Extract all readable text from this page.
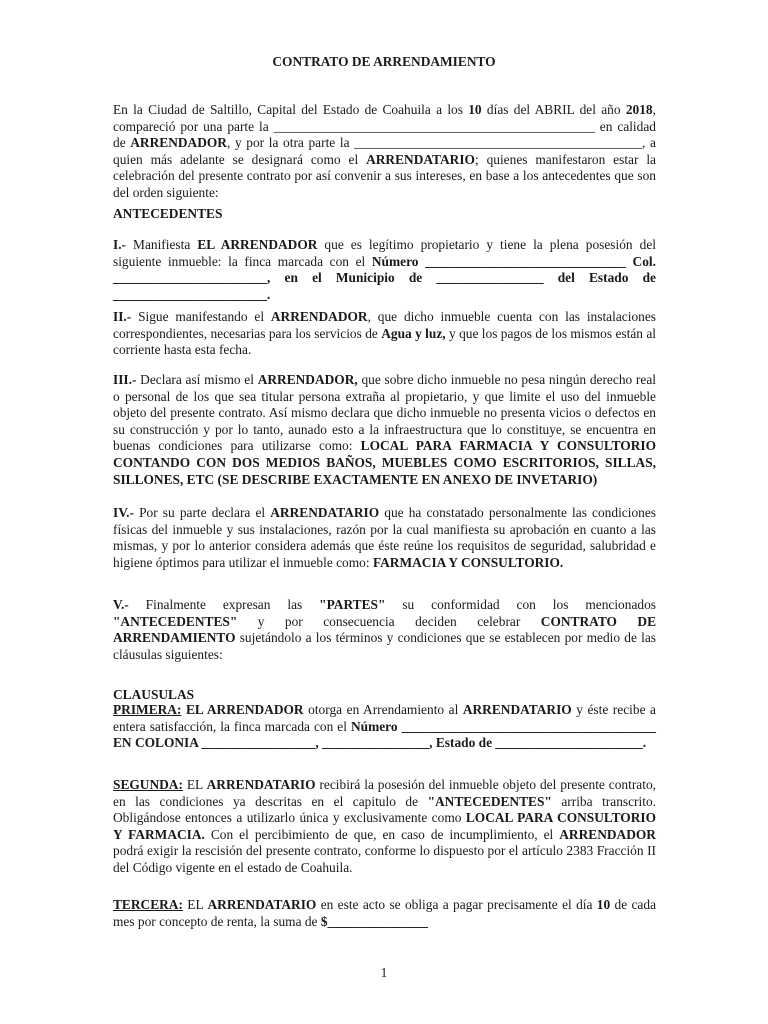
CONTRATO DE ARRENDAMIENTO

En la Ciudad de Saltillo, Capital del Estado de Coahuila a los 10 días del ABRIL del año 2018, compareció por una parte la ________________________________________________ en calidad de ARRENDADOR, y por la otra parte la ___________________________________________, a quien más adelante se designará como el ARRENDATARIO; quienes manifestaron estar la celebración del presente contrato por así convenir a sus intereses, en base a los antecedentes que son del orden siguiente:

ANTECEDENTES

I.- Manifiesta EL ARRENDADOR que es legítimo propietario y tiene la plena posesión del siguiente inmueble: la finca marcada con el Número ______________________________ Col. _______________________, en el Municipio de ________________ del Estado de _______________________.

II.- Sigue manifestando el ARRENDADOR, que dicho inmueble cuenta con las instalaciones correspondientes, necesarias para los servicios de Agua y luz, y que los pagos de los mismos están al corriente hasta esta fecha.

III.- Declara así mismo el ARRENDADOR, que sobre dicho inmueble no pesa ningún derecho real o personal de los que sea titular persona extraña al propietario, y que limite el uso del inmueble objeto del presente contrato. Así mismo declara que dicho inmueble no presenta vicios o defectos en su construcción y por lo tanto, aunado esto a la infraestructura que lo constituye, se encuentra en buenas condiciones para utilizarse como: LOCAL PARA FARMACIA Y CONSULTORIO CONTANDO CON DOS MEDIOS BAÑOS, MUEBLES COMO ESCRITORIOS, SILLAS, SILLONES, ETC (SE DESCRIBE EXACTAMENTE EN ANEXO DE INVETARIO)

IV.- Por su parte declara el ARRENDATARIO que ha constatado personalmente las condiciones físicas del inmueble y sus instalaciones, razón por la cual manifiesta su aprobación en cuanto a las mismas, y por lo anterior considera además que éste reúne los requisitos de seguridad, salubridad e higiene óptimos para utilizar el inmueble como: FARMACIA Y CONSULTORIO.

V.- Finalmente expresan las "PARTES" su conformidad con los mencionados "ANTECEDENTES" y por consecuencia deciden celebrar CONTRATO DE ARRENDAMIENTO sujetándolo a los términos y condiciones que se establecen por medio de las cláusulas siguientes:

CLAUSULAS

PRIMERA: EL ARRENDADOR otorga en Arrendamiento al ARRENDATARIO y éste recibe a entera satisfacción, la finca marcada con el Número ______________________________________ EN COLONIA _________________, ________________, Estado de ______________________.

SEGUNDA: EL ARRENDATARIO recibirá la posesión del inmueble objeto del presente contrato, en las condiciones ya descritas en el capitulo de "ANTECEDENTES" arriba transcrito. Obligándose entonces a utilizarlo única y exclusivamente como LOCAL PARA CONSULTORIO Y FARMACIA. Con el percibimiento de que, en caso de incumplimiento, el ARRENDADOR podrá exigir la rescisión del presente contrato, conforme lo dispuesto por el artículo 2383 Fracción II del Código vigente en el estado de Coahuila.

TERCERA: EL ARRENDATARIO en este acto se obliga a pagar precisamente el día 10 de cada mes por concepto de renta, la suma de $_______________

1
